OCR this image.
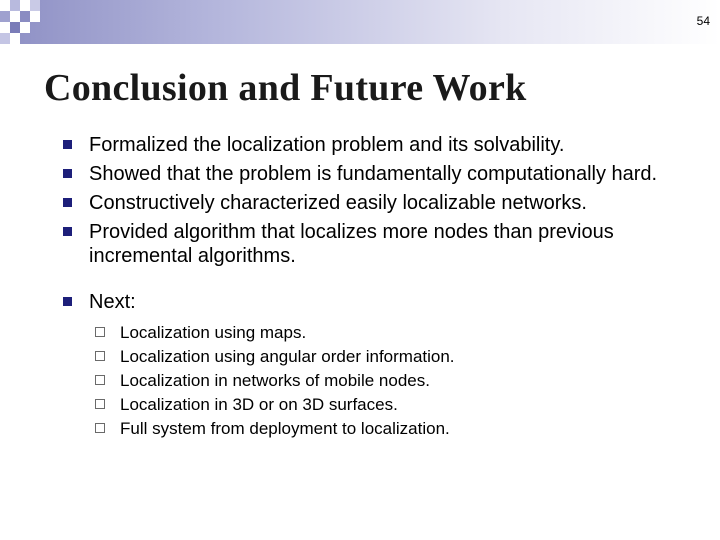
54
Conclusion and Future Work
Formalized the localization problem and its solvability.
Showed that the problem is fundamentally computationally hard.
Constructively characterized easily localizable networks.
Provided algorithm that localizes more nodes than previous incremental algorithms.
Next:
Localization using maps.
Localization using angular order information.
Localization in networks of mobile nodes.
Localization in 3D or on 3D surfaces.
Full system from deployment to localization.
